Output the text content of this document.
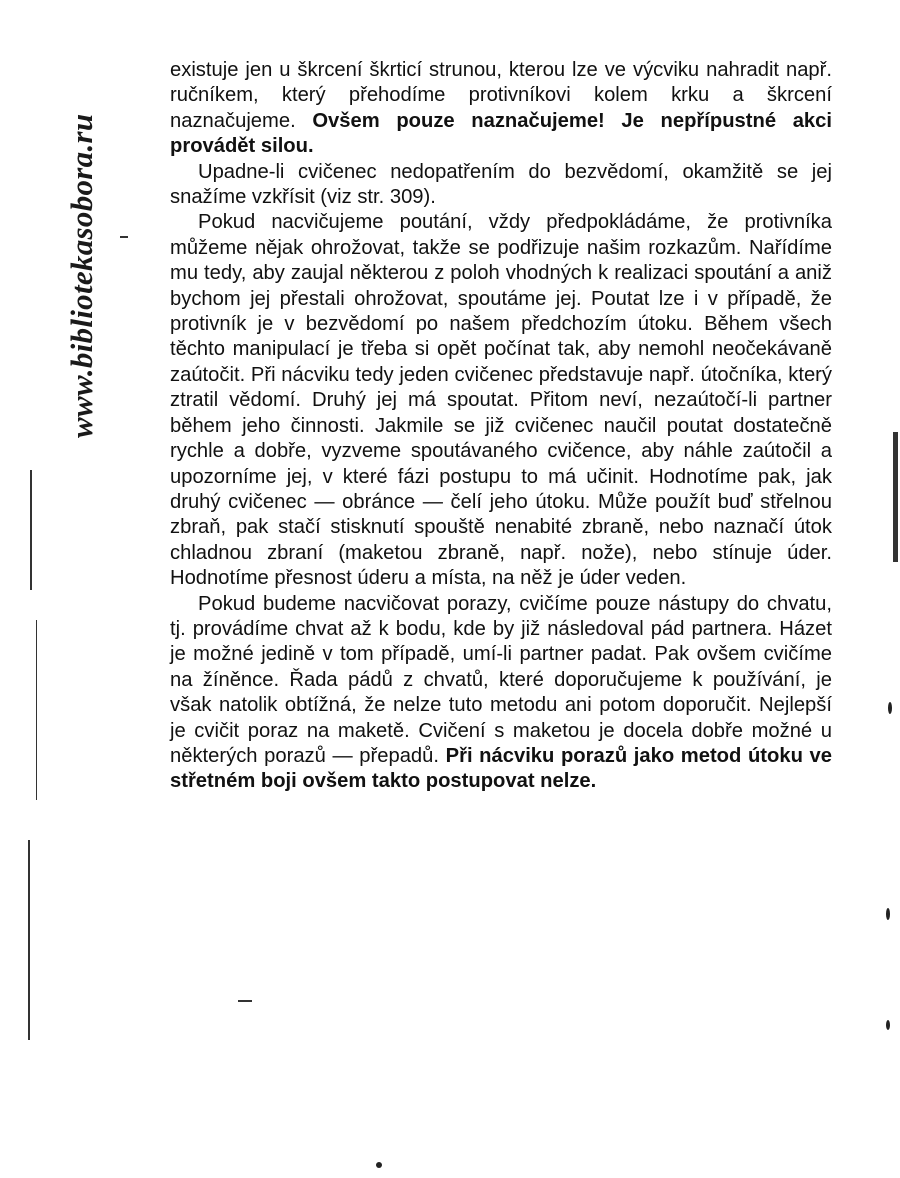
www.bibliotekasobora.ru

existuje jen u škrcení škrticí strunou, kterou lze ve výcviku nahradit např. ručníkem, který přehodíme protivníkovi kolem krku a škrcení naznačujeme. Ovšem pouze naznačujeme! Je nepřípustné akci provádět silou.

Upadne-li cvičenec nedopatřením do bezvědomí, okamžitě se jej snažíme vzkřísit (viz str. 309).

Pokud nacvičujeme poutání, vždy předpokládáme, že protivníka můžeme nějak ohrožovat, takže se podřizuje našim rozkazům. Nařídíme mu tedy, aby zaujal některou z poloh vhodných k realizaci spoutání a aniž bychom jej přestali ohrožovat, spoutáme jej. Poutat lze i v případě, že protivník je v bezvědomí po našem předchozím útoku. Během všech těchto manipulací je třeba si opět počínat tak, aby nemohl neočekávaně zaútočit. Při nácviku tedy jeden cvičenec představuje např. útočníka, který ztratil vědomí. Druhý jej má spoutat. Přitom neví, nezaútočí-li partner během jeho činnosti. Jakmile se již cvičenec naučil poutat dostatečně rychle a dobře, vyzveme spoutávaného cvičence, aby náhle zaútočil a upozorníme jej, v které fázi postupu to má učinit. Hodnotíme pak, jak druhý cvičenec — obránce — čelí jeho útoku. Může použít buď střelnou zbraň, pak stačí stisknutí spouště nenabité zbraně, nebo naznačí útok chladnou zbraní (maketou zbraně, např. nože), nebo stínuje úder. Hodnotíme přesnost úderu a místa, na něž je úder veden.

Pokud budeme nacvičovat porazy, cvičíme pouze nástupy do chvatu, tj. provádíme chvat až k bodu, kde by již následoval pád partnera. Házet je možné jedině v tom případě, umí-li partner padat. Pak ovšem cvičíme na žíněnce. Řada pádů z chvatů, které doporučujeme k používání, je však natolik obtížná, že nelze tuto metodu ani potom doporučit. Nejlepší je cvičit poraz na maketě. Cvičení s maketou je docela dobře možné u některých porazů — přepadů. Při nácviku porazů jako metod útoku ve střetném boji ovšem takto postupovat nelze.
